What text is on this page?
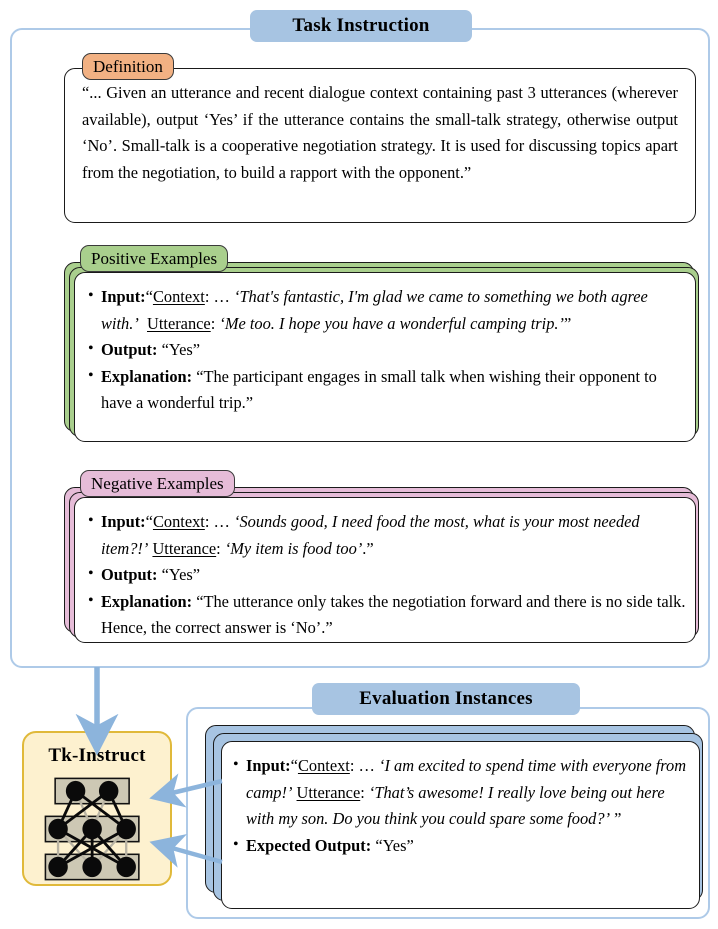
Task Instruction
Definition
“... Given an utterance and recent dialogue context containing past 3 utterances (wherever available), output ‘Yes’ if the utterance contains the small-talk strategy, otherwise output ‘No’. Small-talk is a cooperative negotiation strategy. It is used for discussing topics apart from the negotiation, to build a rapport with the opponent.”
Positive Examples
• Input:“Context: … ‘That's fantastic, I'm glad we came to something we both agree with.’ Utterance: ‘Me too. I hope you have a wonderful camping trip.’”
• Output: “Yes”
• Explanation: “The participant engages in small talk when wishing their opponent to have a wonderful trip.”
Negative Examples
• Input:“Context: … ‘Sounds good, I need food the most, what is your most needed item?!’ Utterance: ‘My item is food too’.”
• Output: “Yes”
• Explanation: “The utterance only takes the negotiation forward and there is no side talk. Hence, the correct answer is ‘No’.”
Tk-Instruct
Evaluation Instances
• Input:“Context: … ‘I am excited to spend time with everyone from camp!’ Utterance: ‘That’s awesome! I really love being out here with my son. Do you think you could spare some food?’ ”
• Expected Output: “Yes”
